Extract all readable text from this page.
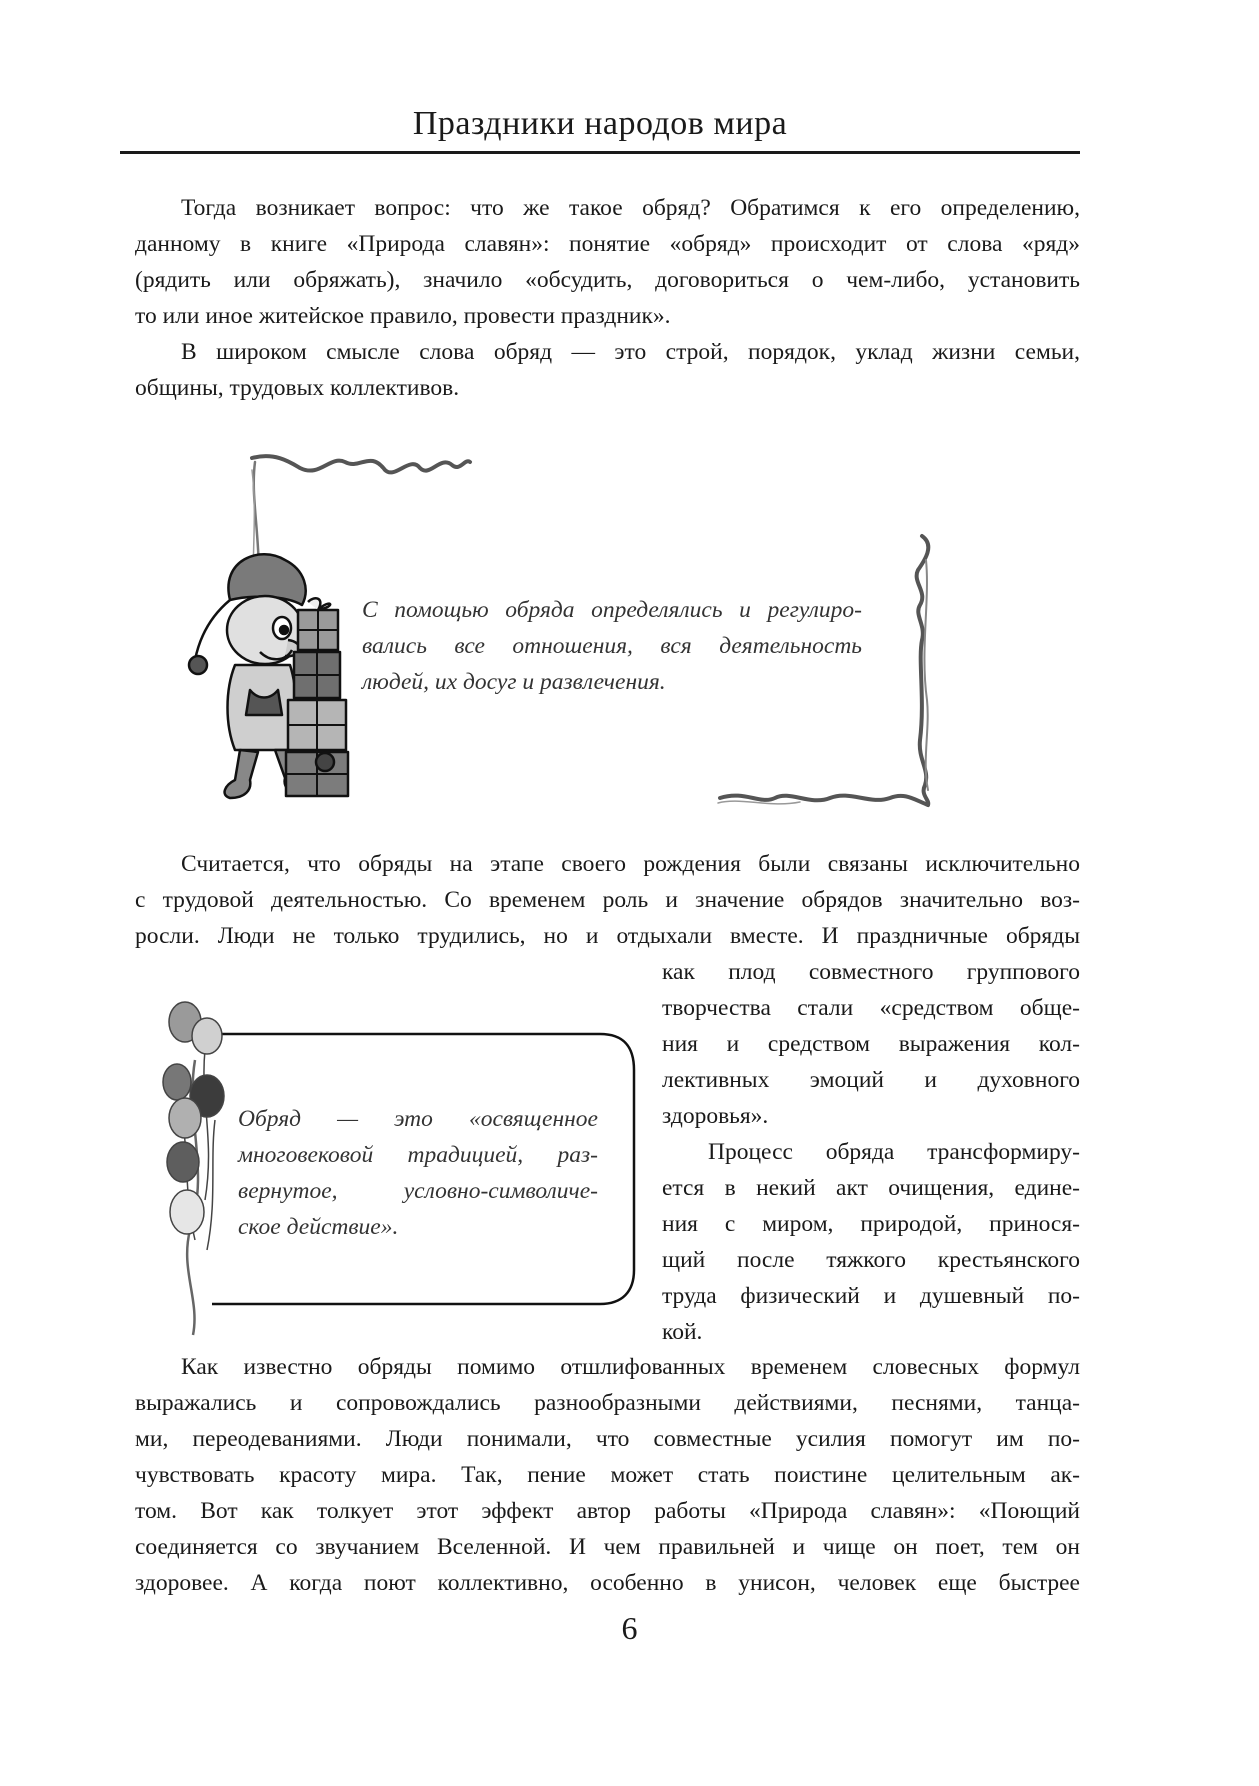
Праздники народов мира
Тогда возникает вопрос: что же такое обряд? Обратимся к его определению,
данному в книге «Природа славян»: понятие «обряд» происходит от слова «ряд»
(рядить или обряжать), значило «обсудить, договориться о чем-либо, установить
то или иное житейское правило, провести праздник».
В широком смысле слова обряд — это строй, порядок, уклад жизни семьи,
общины, трудовых коллективов.
С помощью обряда определялись и регулиро-
вались все отношения, вся деятельность
людей, их досуг и развлечения.
Считается, что обряды на этапе своего рождения были связаны исключительно
с трудовой деятельностью. Со временем роль и значение обрядов значительно воз-
росли. Люди не только трудились, но и отдыхали вместе. И праздничные обряды
как плод совместного группового
творчества стали «средством обще-
ния и средством выражения кол-
лективных эмоций и духовного
здоровья».
Процесс обряда трансформиру-
ется в некий акт очищения, едине-
ния с миром, природой, принося-
щий после тяжкого крестьянского
труда физический и душевный по-
кой.
Обряд — это «освященное
многовековой традицией, раз-
вернутое, условно-символиче-
ское действие».
Как известно обряды помимо отшлифованных временем словесных формул
выражались и сопровождались разнообразными действиями, песнями, танца-
ми, переодеваниями. Люди понимали, что совместные усилия помогут им по-
чувствовать красоту мира. Так, пение может стать поистине целительным ак-
том. Вот как толкует этот эффект автор работы «Природа славян»: «Поющий
соединяется со звучанием Вселенной. И чем правильней и чище он поет, тем он
здоровее. А когда поют коллективно, особенно в унисон, человек еще быстрее
6
